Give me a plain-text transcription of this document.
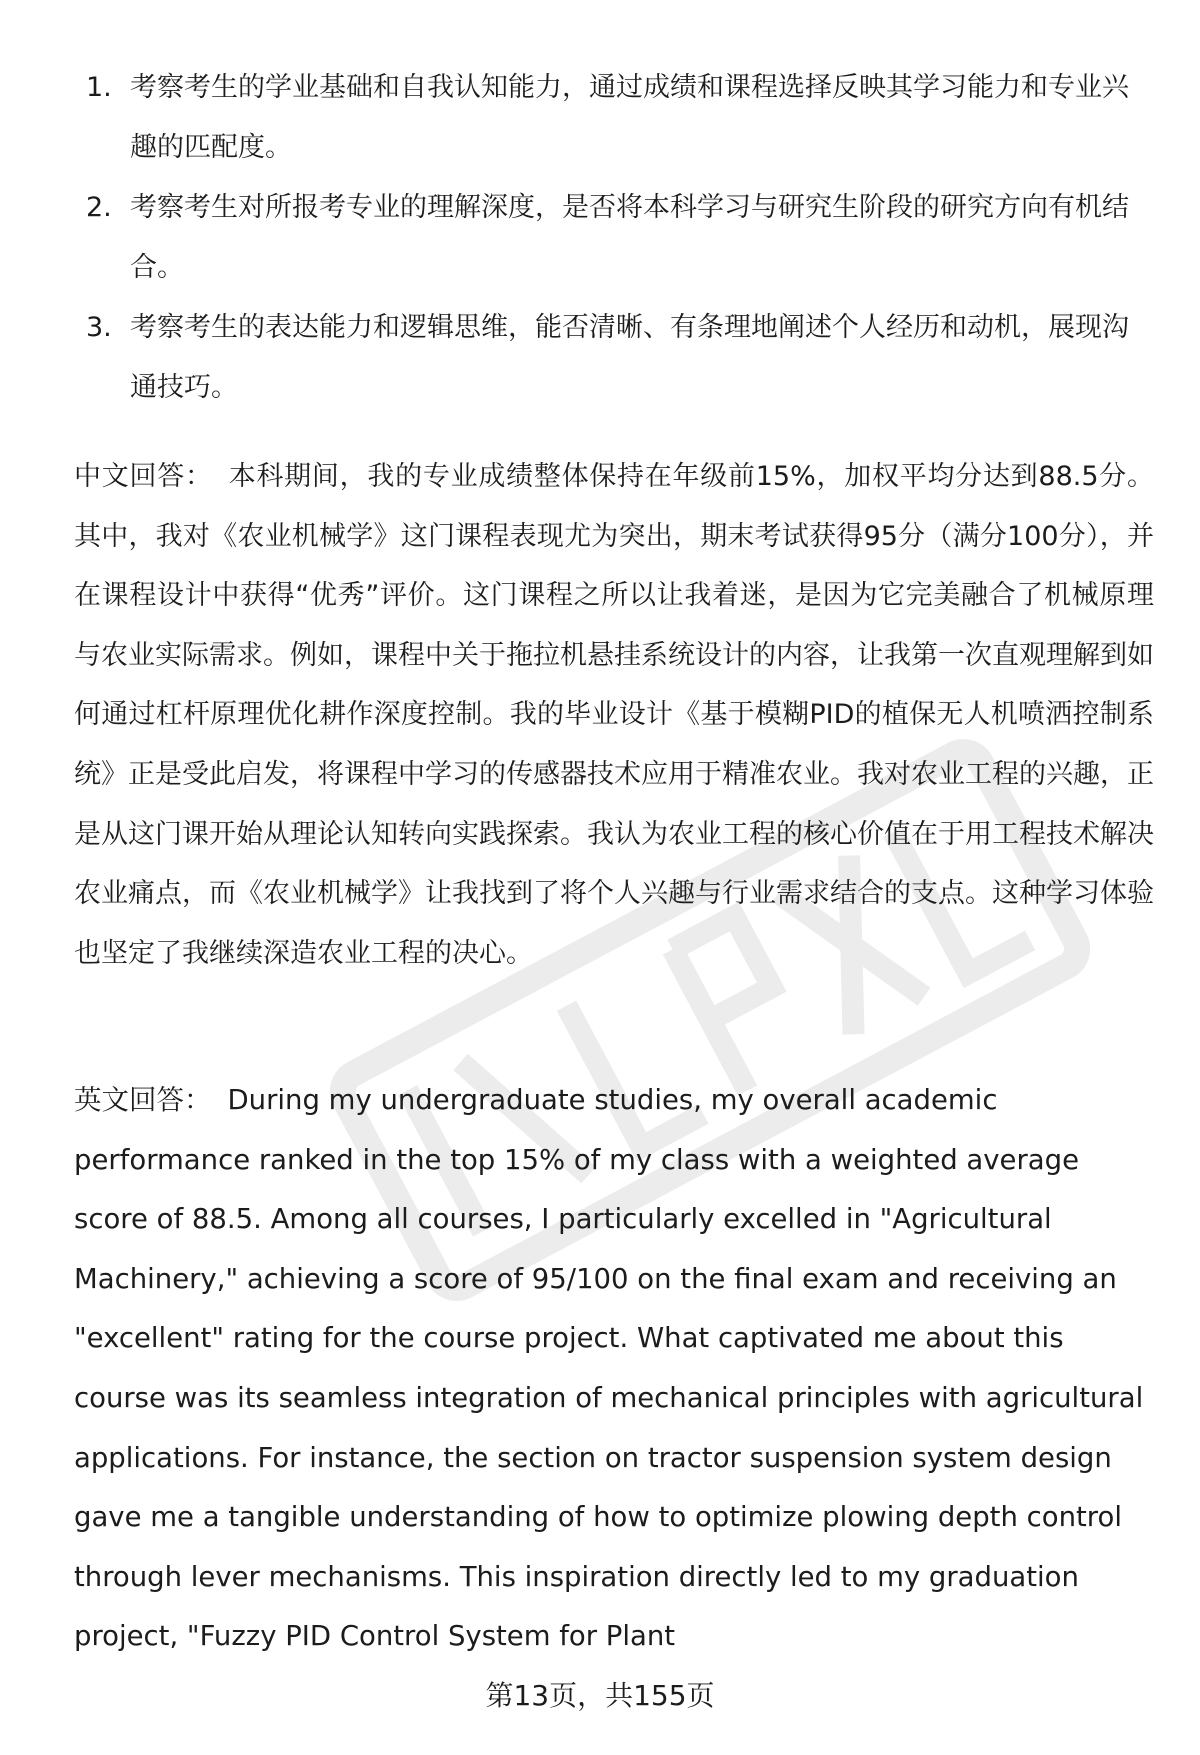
1. 考察考生的学业基础和自我认知能力，通过成绩和课程选择反映其学习能力和专业兴趣的匹配度。
2. 考察考生对所报考专业的理解深度，是否将本科学习与研究生阶段的研究方向有机结合。
3. 考察考生的表达能力和逻辑思维，能否清晰、有条理地阐述个人经历和动机，展现沟通技巧。

中文回答： 本科期间，我的专业成绩整体保持在年级前15%，加权平均分达到88.5分。其中，我对《农业机械学》这门课程表现尤为突出，期末考试获得95分（满分100分），并在课程设计中获得“优秀”评价。这门课程之所以让我着迷，是因为它完美融合了机械原理与农业实际需求。例如，课程中关于拖拉机悬挂系统设计的内容，让我第一次直观理解到如何通过杠杆原理优化耕作深度控制。我的毕业设计《基于模糊PID的植保无人机喷洒控制系统》正是受此启发，将课程中学习的传感器技术应用于精准农业。我对农业工程的兴趣，正是从这门课开始从理论认知转向实践探索。我认为农业工程的核心价值在于用工程技术解决农业痛点，而《农业机械学》让我找到了将个人兴趣与行业需求结合的支点。这种学习体验也坚定了我继续深造农业工程的决心。

英文回答： During my undergraduate studies, my overall academic performance ranked in the top 15% of my class with a weighted average score of 88.5. Among all courses, I particularly excelled in "Agricultural Machinery," achieving a score of 95/100 on the final exam and receiving an "excellent" rating for the course project. What captivated me about this course was its seamless integration of mechanical principles with agricultural applications. For instance, the section on tractor suspension system design gave me a tangible understanding of how to optimize plowing depth control through lever mechanisms. This inspiration directly led to my graduation project, "Fuzzy PID Control System for Plant

第13页，共155页
